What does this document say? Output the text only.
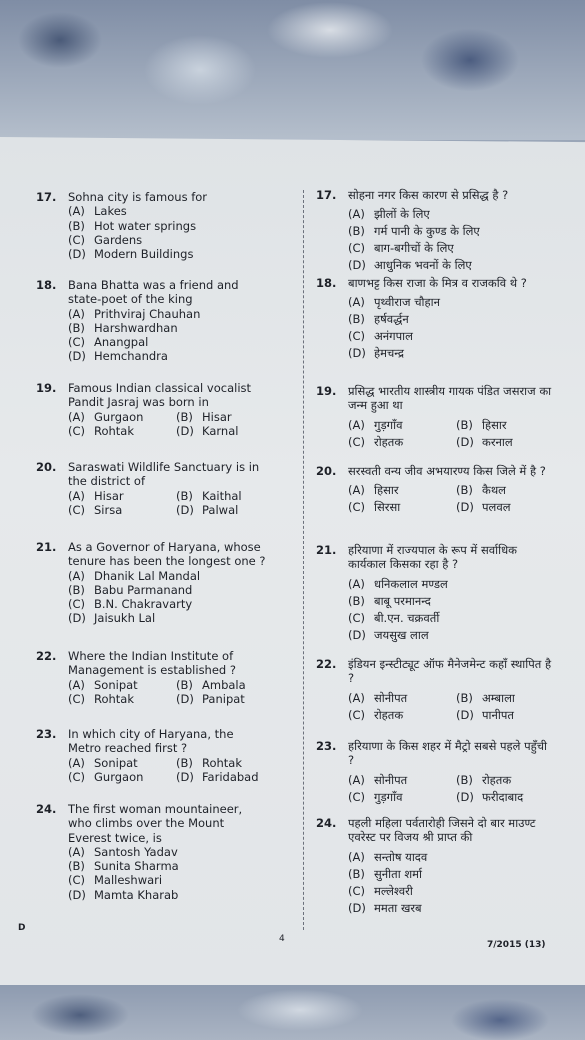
17.	Sohna city is famous for
(A) Lakes
(B) Hot water springs
(C) Gardens
(D) Modern Buildings
18.	Bana Bhatta was a friend and state-poet of the king
(A) Prithviraj Chauhan
(B) Harshwardhan
(C) Anangpal
(D) Hemchandra
19.	Famous Indian classical vocalist Pandit Jasraj was born in
(A) Gurgaon	(B) Hisar
(C) Rohtak	(D) Karnal
20.	Saraswati Wildlife Sanctuary is in the district of
(A) Hisar	(B) Kaithal
(C) Sirsa	(D) Palwal
21.	As a Governor of Haryana, whose tenure has been the longest one ?
(A) Dhanik Lal Mandal
(B) Babu Parmanand
(C) B.N. Chakravarty
(D) Jaisukh Lal
22.	Where the Indian Institute of Management is established ?
(A) Sonipat	(B) Ambala
(C) Rohtak	(D) Panipat
23.	In which city of Haryana, the Metro reached first ?
(A) Sonipat	(B) Rohtak
(C) Gurgaon	(D) Faridabad
24.	The first woman mountaineer, who climbs over the Mount Everest twice, is
(A) Santosh Yadav
(B) Sunita Sharma
(C) Malleshwari
(D) Mamta Kharab
17.	सोहना नगर किस कारण से प्रसिद्ध है ?
(A) झीलों के लिए
(B) गर्म पानी के कुण्ड के लिए
(C) बाग-बगीचों के लिए
(D) आधुनिक भवनों के लिए
18.	बाणभट्ट किस राजा के मित्र व राजकवि थे ?
(A) पृथ्वीराज चौहान
(B) हर्षवर्द्धन
(C) अनंगपाल
(D) हेमचन्द्र
19.	प्रसिद्ध भारतीय शास्त्रीय गायक पंडित जसराज का जन्म हुआ था
(A) गुड़गाँव	(B) हिसार
(C) रोहतक	(D) करनाल
20.	सरस्वती वन्य जीव अभयारण्य किस जिले में है ?
(A) हिसार	(B) कैथल
(C) सिरसा	(D) पलवल
21.	हरियाणा में राज्यपाल के रूप में सर्वाधिक कार्यकाल किसका रहा है ?
(A) धनिकलाल मण्डल
(B) बाबू परमानन्द
(C) बी.एन. चक्रवर्ती
(D) जयसुख लाल
22.	इंडियन इन्स्टीट्यूट ऑफ मैनेजमेन्ट कहाँ स्थापित है ?
(A) सोनीपत	(B) अम्बाला
(C) रोहतक	(D) पानीपत
23.	हरियाणा के किस शहर में मैट्रो सबसे पहले पहुँची ?
(A) सोनीपत	(B) रोहतक
(C) गुड़गाँव	(D) फरीदाबाद
24.	पहली महिला पर्वतारोही जिसने दो बार माउण्ट एवरेस्ट पर विजय श्री प्राप्त की
(A) सन्तोष यादव
(B) सुनीता शर्मा
(C) मल्लेश्वरी
(D) ममता खरब
D
4
7/2015 (13)
